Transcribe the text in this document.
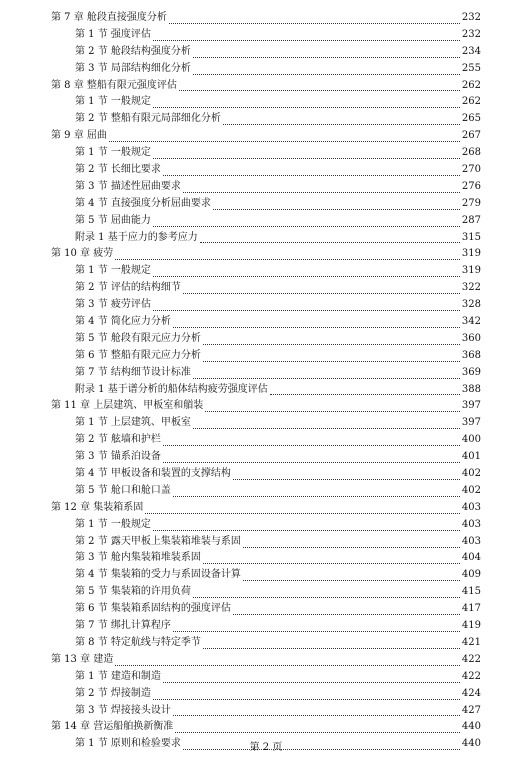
第 7 章 舱段直接强度分析	232
第 1 节 强度评估	232
第 2 节 舱段结构强度分析	234
第 3 节 局部结构细化分析	255
第 8 章 整船有限元强度评估	262
第 1 节 一般规定	262
第 2 节 整船有限元局部细化分析	265
第 9 章 屈曲	267
第 1 节 一般规定	268
第 2 节 长细比要求	270
第 3 节 描述性屈曲要求	276
第 4 节 直接强度分析屈曲要求	279
第 5 节 屈曲能力	287
附录 1 基于应力的参考应力	315
第 10 章 疲劳	319
第 1 节 一般规定	319
第 2 节 评估的结构细节	322
第 3 节 疲劳评估	328
第 4 节 简化应力分析	342
第 5 节 舱段有限元应力分析	360
第 6 节 整船有限元应力分析	368
第 7 节 结构细节设计标准	369
附录 1 基于谱分析的船体结构疲劳强度评估	388
第 11 章 上层建筑、甲板室和艏装	397
第 1 节 上层建筑、甲板室	397
第 2 节 舷墙和护栏	400
第 3 节 锚系泊设备	401
第 4 节 甲板设备和装置的支撑结构	402
第 5 节 舱口和舱口盖	402
第 12 章 集装箱系固	403
第 1 节 一般规定	403
第 2 节 露天甲板上集装箱堆装与系固	403
第 3 节 舱内集装箱堆装系固	404
第 4 节 集装箱的受力与系固设备计算	409
第 5 节 集装箱的许用负荷	415
第 6 节 集装箱系固结构的强度评估	417
第 7 节 绑扎计算程序	419
第 8 节 特定航线与特定季节	421
第 13 章 建造	422
第 1 节 建造和制造	422
第 2 节 焊接制造	424
第 3 节 焊接接头设计	427
第 14 章 营运船舶换新衡准	440
第 1 节 原则和检验要求	440
第 2 页
